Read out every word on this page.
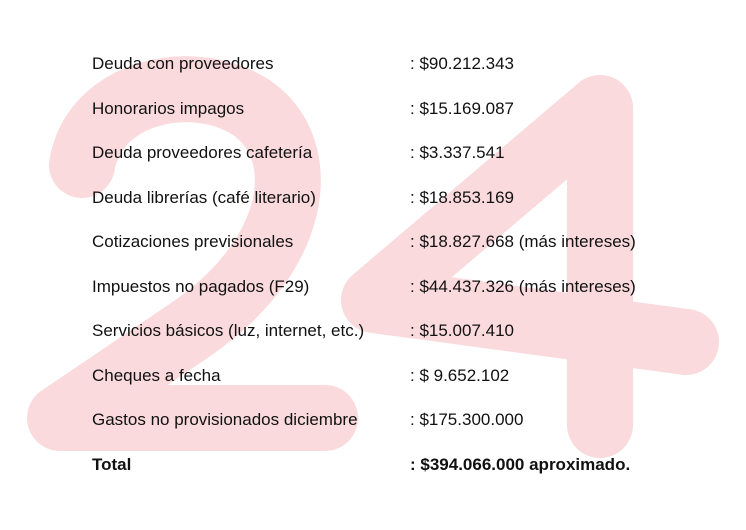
Deuda con proveedores	: $90.212.343
Honorarios impagos	: $15.169.087
Deuda proveedores cafetería	: $3.337.541
Deuda librerías (café literario)	: $18.853.169
Cotizaciones previsionales	: $18.827.668 (más intereses)
Impuestos no pagados (F29)	: $44.437.326 (más intereses)
Servicios básicos (luz, internet, etc.)	: $15.007.410
Cheques a fecha	: $ 9.652.102
Gastos no provisionados diciembre	: $175.300.000
Total	: $394.066.000 aproximado.
